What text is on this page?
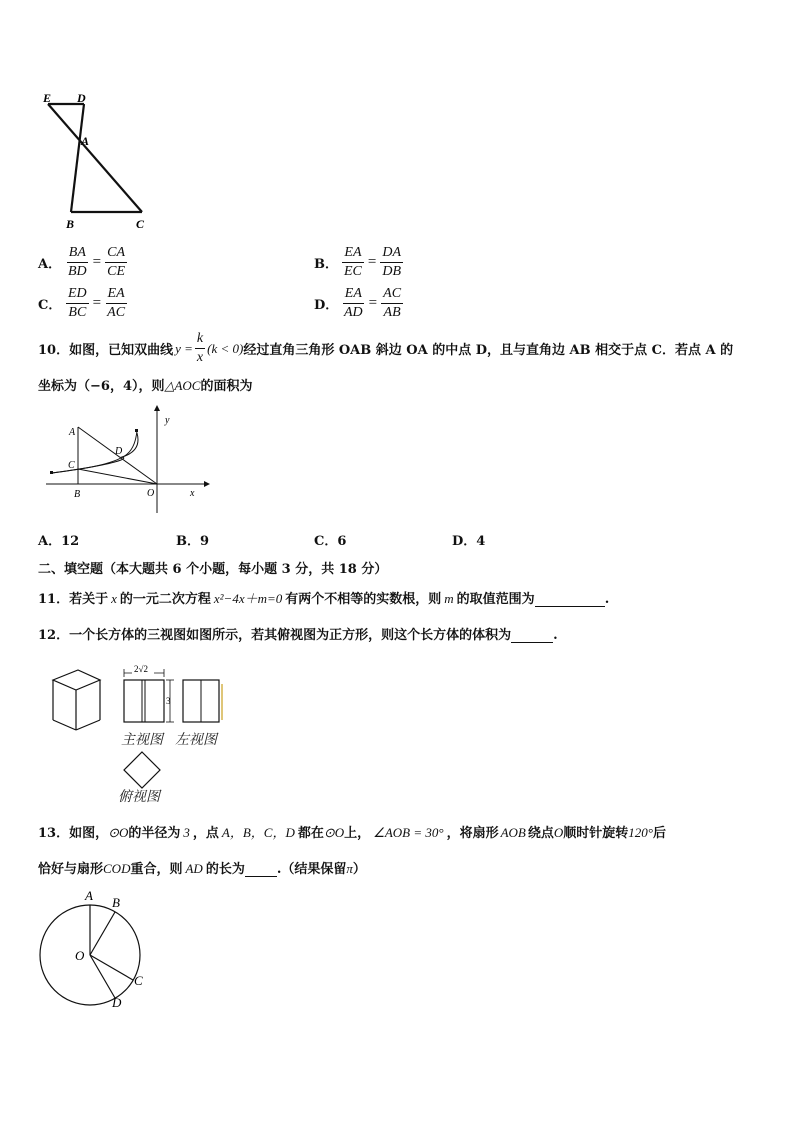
E D
A
B	C
A． $\frac{BA}{BD} = \frac{CA}{CE}$	B． $\frac{EA}{EC} = \frac{DA}{DB}$
C． $\frac{ED}{BC} = \frac{EA}{AC}$	D． $\frac{EA}{AD} = \frac{AC}{AB}$
10．如图，已知双曲线 $y = \frac{k}{x} (k < 0)$ 经过直角三角形 OAB 斜边 OA 的中点 D，且与直角边 AB 相交于点 C．若点 A 的
坐标为（−6，4），则△AOC的面积为
A
D
C
B	O	x
y
A．12	B．9	C．6	D．4
二、填空题（本大题共 6 个小题，每小题 3 分，共 18 分）
11．若关于 x 的一元二次方程 x²−4x＋m=0 有两个不相等的实数根，则 m 的取值范围为	.
12．一个长方体的三视图如图所示，若其俯视图为正方形，则这个长方体的体积为	.
2√2
3
主视图 左视图
俯视图
13．如图，⊙O的半径为 3 ，点 A，B，C，D 都在⊙O上， ∠AOB = 30° ，将扇形 AOB 绕点O顺时针旋转120°后
恰好与扇形COD重合，则 AD 的长为 .（结果保留π）
A B
O
C
D
